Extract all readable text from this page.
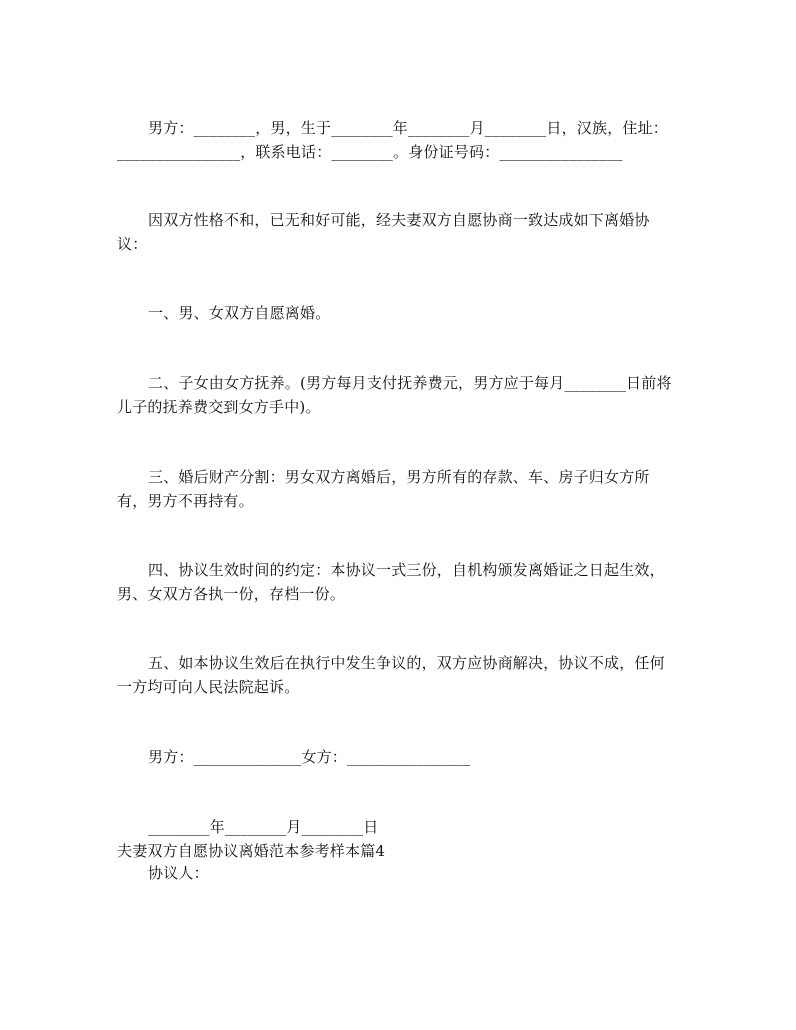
男方：________，男，生于________年________月________日，汉族，住址：________________，联系电话：________。身份证号码：________________

因双方性格不和，已无和好可能，经夫妻双方自愿协商一致达成如下离婚协议：

一、男、女双方自愿离婚。

二、子女由女方抚养。(男方每月支付抚养费元，男方应于每月________日前将儿子的抚养费交到女方手中)。

三、婚后财产分割：男女双方离婚后，男方所有的存款、车、房子归女方所有，男方不再持有。

四、协议生效时间的约定：本协议一式三份，自机构颁发离婚证之日起生效，男、女双方各执一份，存档一份。

五、如本协议生效后在执行中发生争议的，双方应协商解决，协议不成，任何一方均可向人民法院起诉。

男方：______________女方：________________

________年________月________日

夫妻双方自愿协议离婚范本参考样本篇4

协议人：
